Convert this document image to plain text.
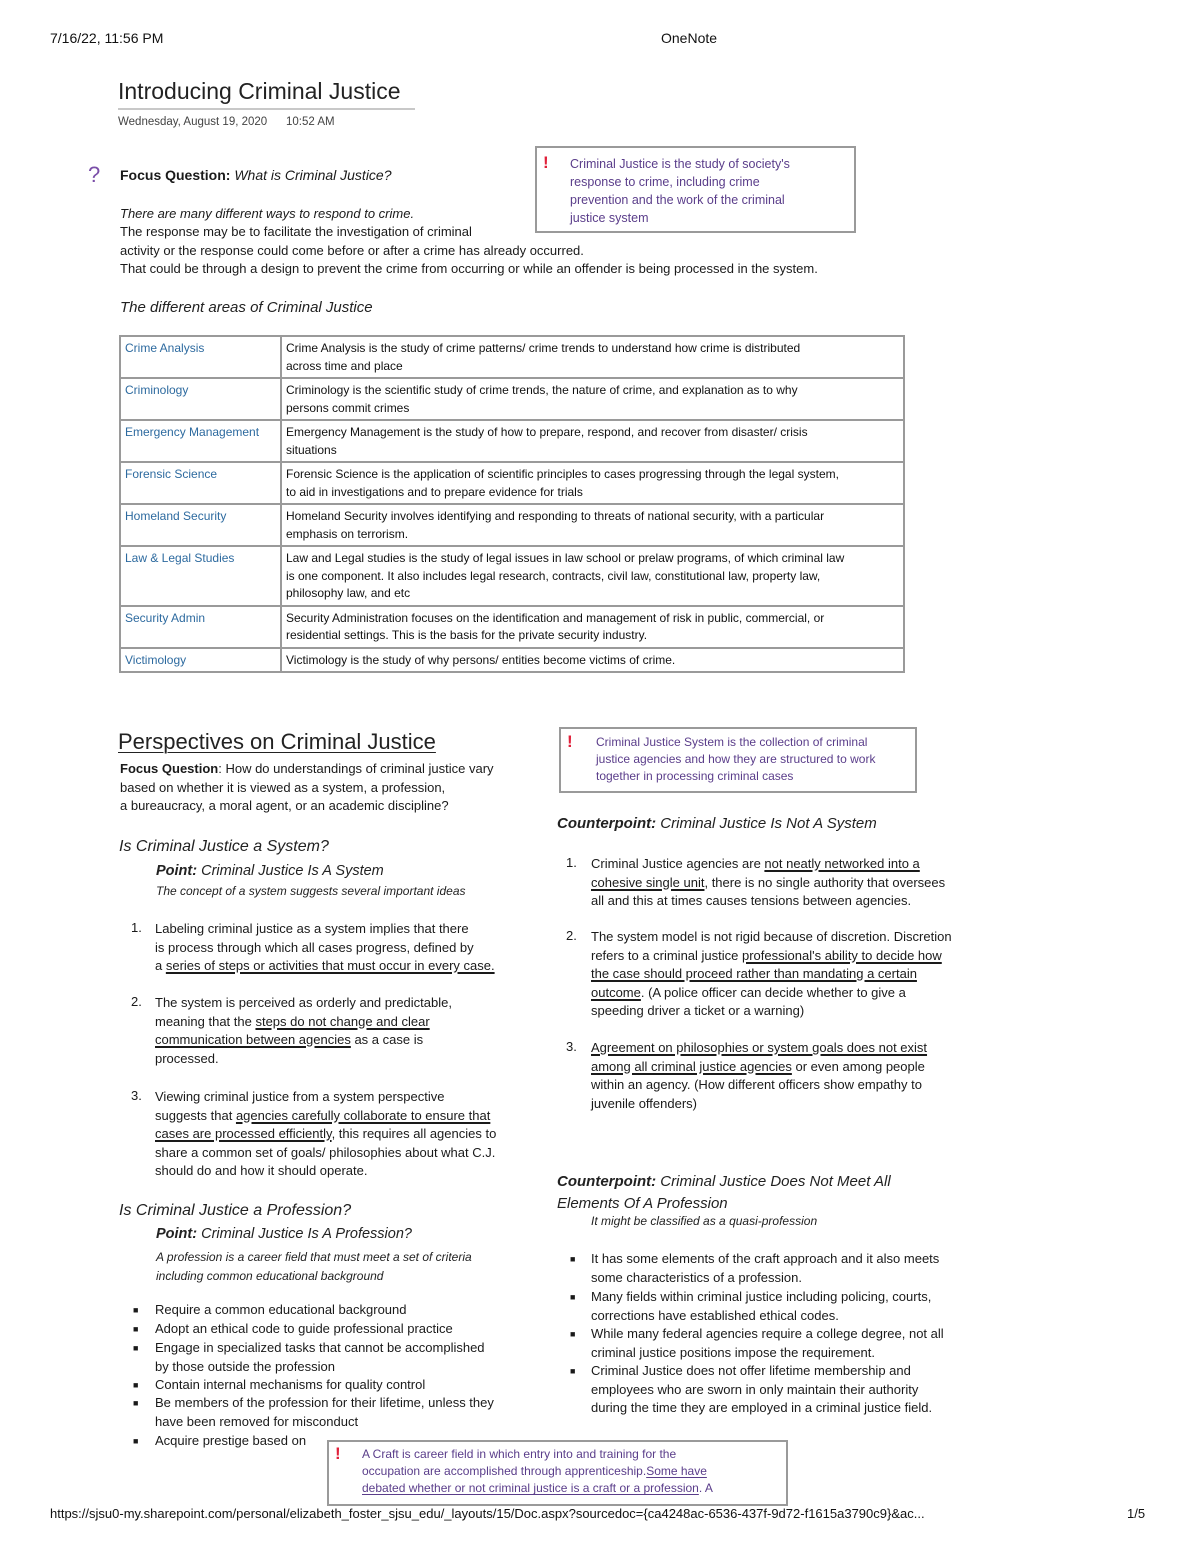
7/16/22, 11:56 PM	OneNote
Introducing Criminal Justice
Wednesday, August 19, 2020 10:52 AM
? Focus Question: What is Criminal Justice?
There are many different ways to respond to crime.
The response may be to facilitate the investigation of criminal
activity or the response could come before or after a crime has already occurred.
That could be through a design to prevent the crime from occurring or while an offender is being processed in the system.
! Criminal Justice is the study of society's
response to crime, including crime
prevention and the work of the criminal
justice system
The different areas of Criminal Justice
Crime Analysis	Crime Analysis is the study of crime patterns/ crime trends to understand how crime is distributed
across time and place
Criminology	Criminology is the scientific study of crime trends, the nature of crime, and explanation as to why
persons commit crimes
Emergency Management	Emergency Management is the study of how to prepare, respond, and recover from disaster/ crisis
situations
Forensic Science	Forensic Science is the application of scientific principles to cases progressing through the legal system,
to aid in investigations and to prepare evidence for trials
Homeland Security	Homeland Security involves identifying and responding to threats of national security, with a particular
emphasis on terrorism.
Law & Legal Studies	Law and Legal studies is the study of legal issues in law school or prelaw programs, of which criminal law
is one component. It also includes legal research, contracts, civil law, constitutional law, property law,
philosophy law, and etc
Security Admin	Security Administration focuses on the identification and management of risk in public, commercial, or
residential settings. This is the basis for the private security industry.
Victimology	Victimology is the study of why persons/ entities become victims of crime.
Perspectives on Criminal Justice
Focus Question: How do understandings of criminal justice vary
based on whether it is viewed as a system, a profession,
a bureaucracy, a moral agent, or an academic discipline?
! Criminal Justice System is the collection of criminal
justice agencies and how they are structured to work
together in processing criminal cases
Is Criminal Justice a System?
Point: Criminal Justice Is A System
The concept of a system suggests several important ideas
1. Labeling criminal justice as a system implies that there
is process through which all cases progress, defined by
a series of steps or activities that must occur in every case.
2. The system is perceived as orderly and predictable,
meaning that the steps do not change and clear
communication between agencies as a case is
processed.
3. Viewing criminal justice from a system perspective
suggests that agencies carefully collaborate to ensure that
cases are processed efficiently, this requires all agencies to
share a common set of goals/ philosophies about what C.J.
should do and how it should operate.
Counterpoint: Criminal Justice Is Not A System
1. Criminal Justice agencies are not neatly networked into a
cohesive single unit, there is no single authority that oversees
all and this at times causes tensions between agencies.
2. The system model is not rigid because of discretion. Discretion
refers to a criminal justice professional's ability to decide how
the case should proceed rather than mandating a certain
outcome. (A police officer can decide whether to give a
speeding driver a ticket or a warning)
3. Agreement on philosophies or system goals does not exist
among all criminal justice agencies or even among people
within an agency. (How different officers show empathy to
juvenile offenders)
Is Criminal Justice a Profession?
Point: Criminal Justice Is A Profession?
A profession is a career field that must meet a set of criteria
including common educational background
■ Require a common educational background
■ Adopt an ethical code to guide professional practice
■ Engage in specialized tasks that cannot be accomplished
by those outside the profession
■ Contain internal mechanisms for quality control
■ Be members of the profession for their lifetime, unless they
have been removed for misconduct
■ Acquire prestige based on
Counterpoint: Criminal Justice Does Not Meet All
Elements Of A Profession
It might be classified as a quasi-profession
■ It has some elements of the craft approach and it also meets
some characteristics of a profession.
■ Many fields within criminal justice including policing, courts,
corrections have established ethical codes.
■ While many federal agencies require a college degree, not all
criminal justice positions impose the requirement.
■ Criminal Justice does not offer lifetime membership and
employees who are sworn in only maintain their authority
during the time they are employed in a criminal justice field.
! A Craft is career field in which entry into and training for the
occupation are accomplished through apprenticeship.Some have
debated whether or not criminal justice is a craft or a profession. A
https://sjsu0-my.sharepoint.com/personal/elizabeth_foster_sjsu_edu/_layouts/15/Doc.aspx?sourcedoc={ca4248ac-6536-437f-9d72-f1615a3790c9}&ac...	1/5
